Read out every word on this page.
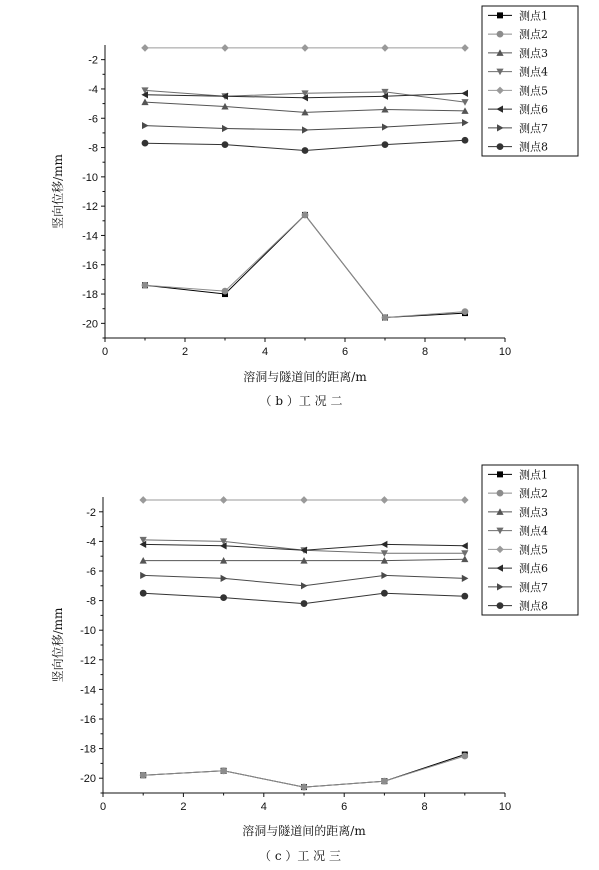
0	2	4	6	8	10
-2
-4
-6
-8
-10
-12
-14
-16
-18
-20
溶洞与隧道间的距离/m
竖向位移/mm
（ b ）工 况 二
测点1
测点2
测点3
测点4
测点5
测点6
测点7
测点8
0	2	4	6	8	10
-2
-4
-6
-8
-10
-12
-14
-16
-18
-20
溶洞与隧道间的距离/m
竖向位移/mm
（ c ）工 况 三
测点1
测点2
测点3
测点4
测点5
测点6
测点7
测点8
